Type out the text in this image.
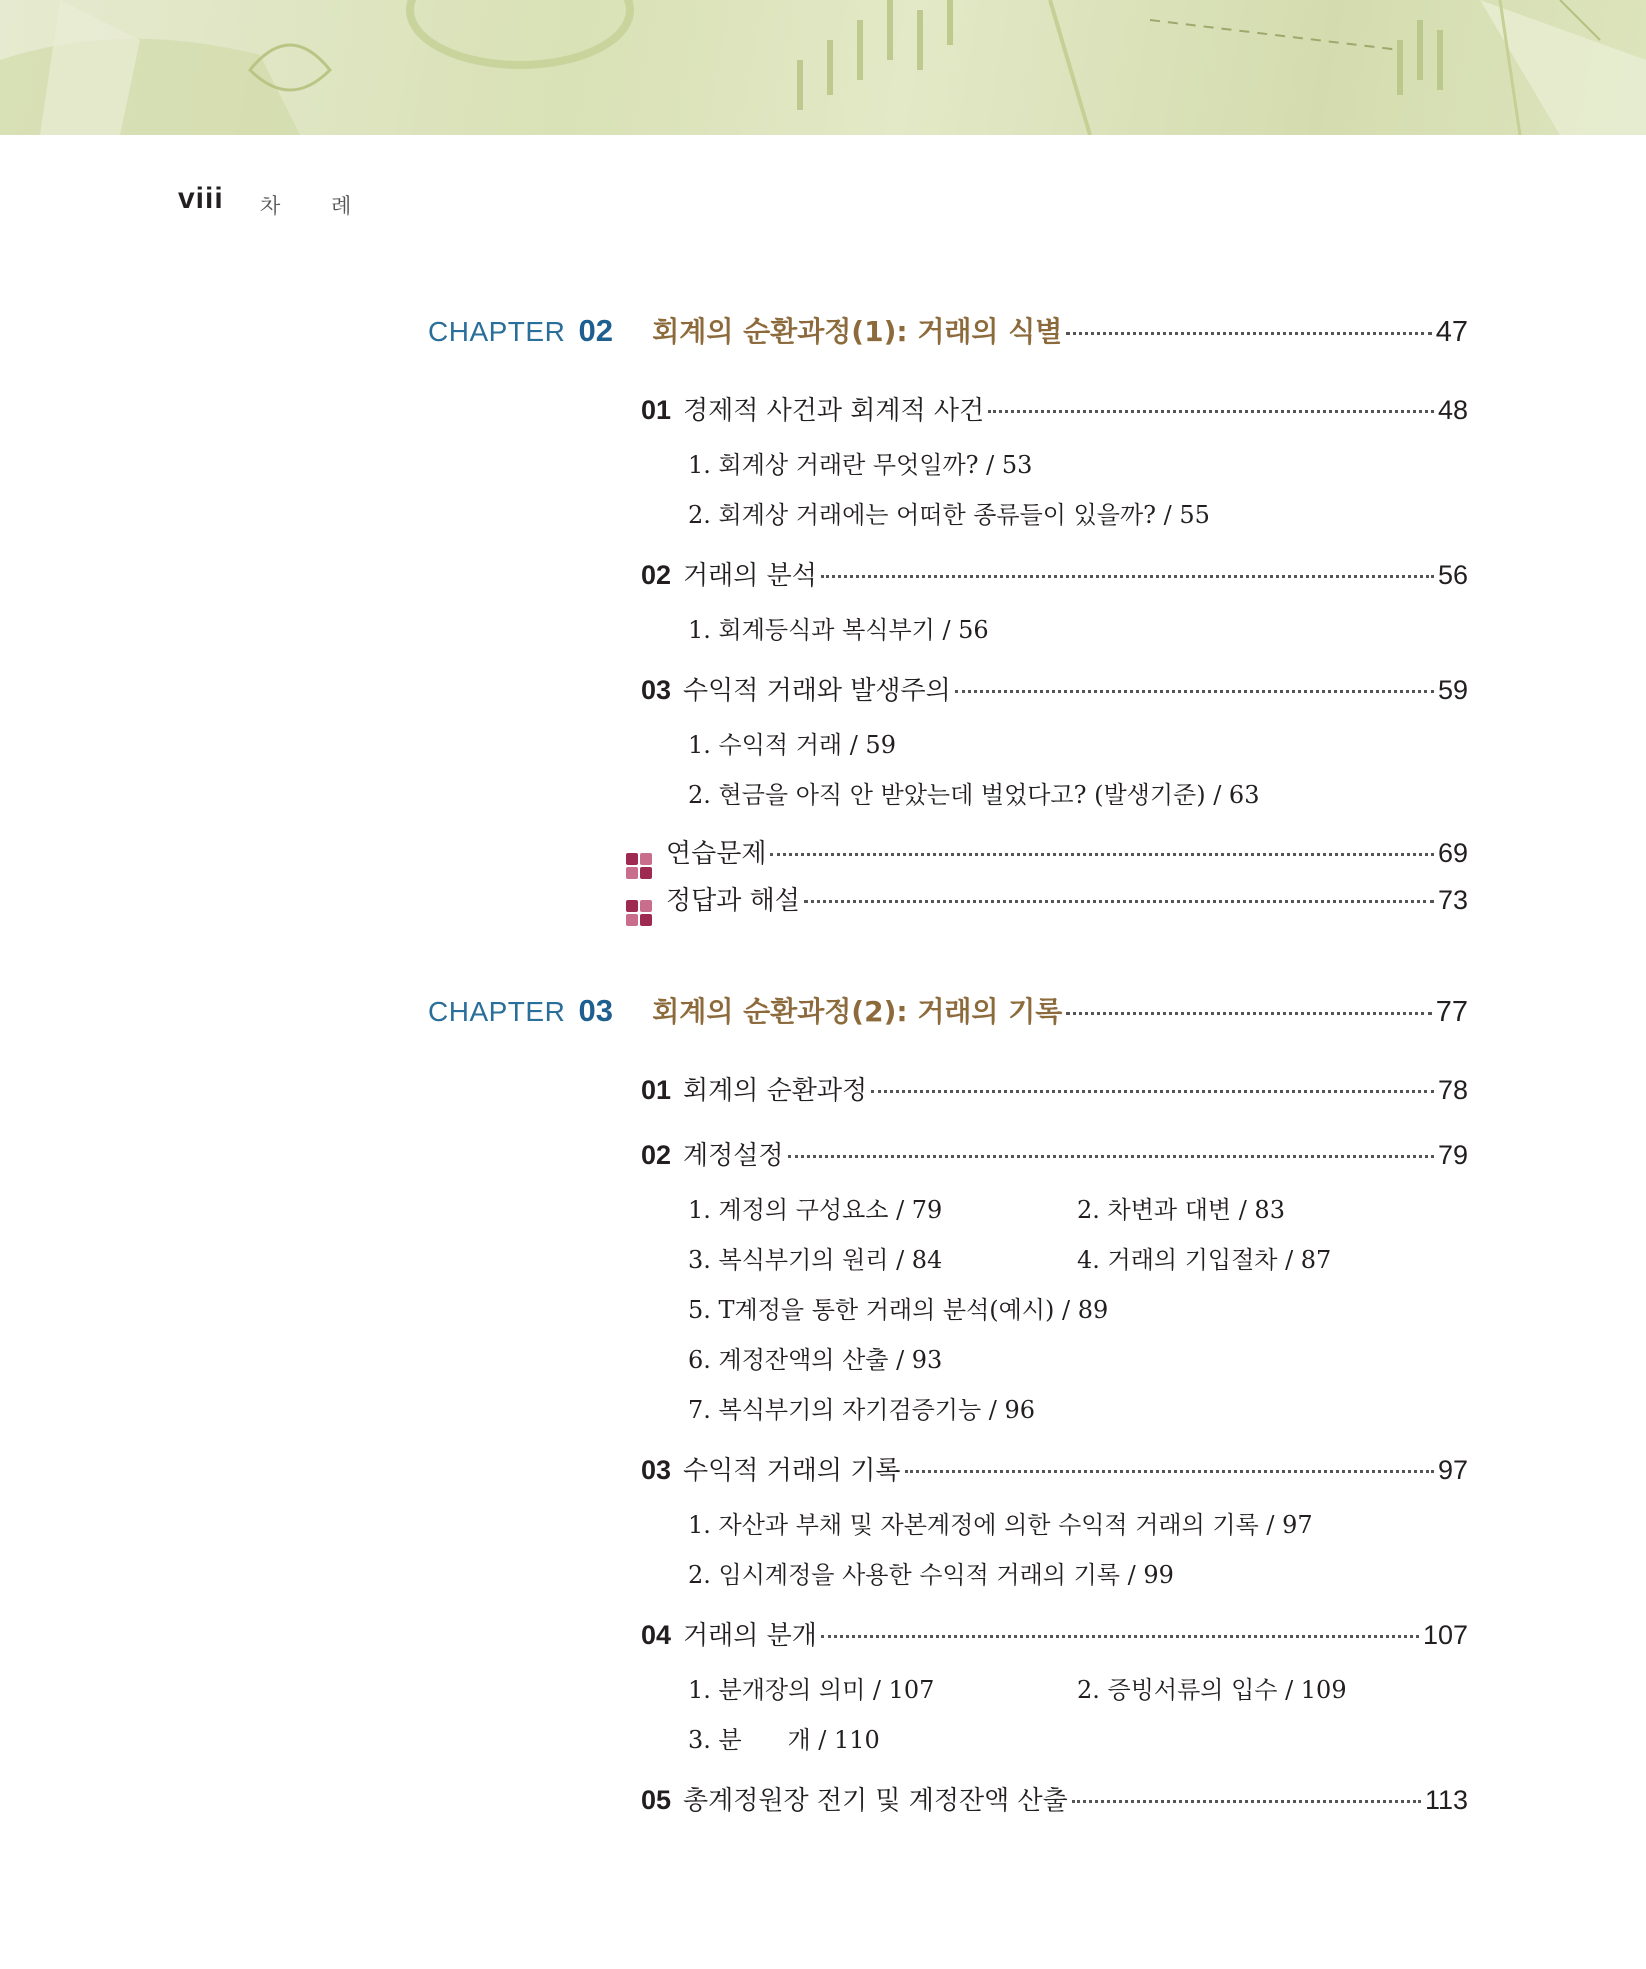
viii 차 례
CHAPTER 02 회계의 순환과정(1): 거래의 식별	47
01 경제적 사건과 회계적 사건	48
1. 회계상 거래란 무엇일까? / 53
2. 회계상 거래에는 어떠한 종류들이 있을까? / 55
02 거래의 분석	56
1. 회계등식과 복식부기 / 56
03 수익적 거래와 발생주의	59
1. 수익적 거래 / 59
2. 현금을 아직 안 받았는데 벌었다고? (발생기준) / 63
연습문제	69
정답과 해설	73
CHAPTER 03 회계의 순환과정(2): 거래의 기록	77
01 회계의 순환과정	78
02 계정설정	79
1. 계정의 구성요소 / 79	2. 차변과 대변 / 83
3. 복식부기의 원리 / 84	4. 거래의 기입절차 / 87
5. T계정을 통한 거래의 분석(예시) / 89
6. 계정잔액의 산출 / 93
7. 복식부기의 자기검증기능 / 96
03 수익적 거래의 기록	97
1. 자산과 부채 및 자본계정에 의한 수익적 거래의 기록 / 97
2. 임시계정을 사용한 수익적 거래의 기록 / 99
04 거래의 분개	107
1. 분개장의 의미 / 107	2. 증빙서류의 입수 / 109
3. 분      개 / 110
05 총계정원장 전기 및 계정잔액 산출	113
